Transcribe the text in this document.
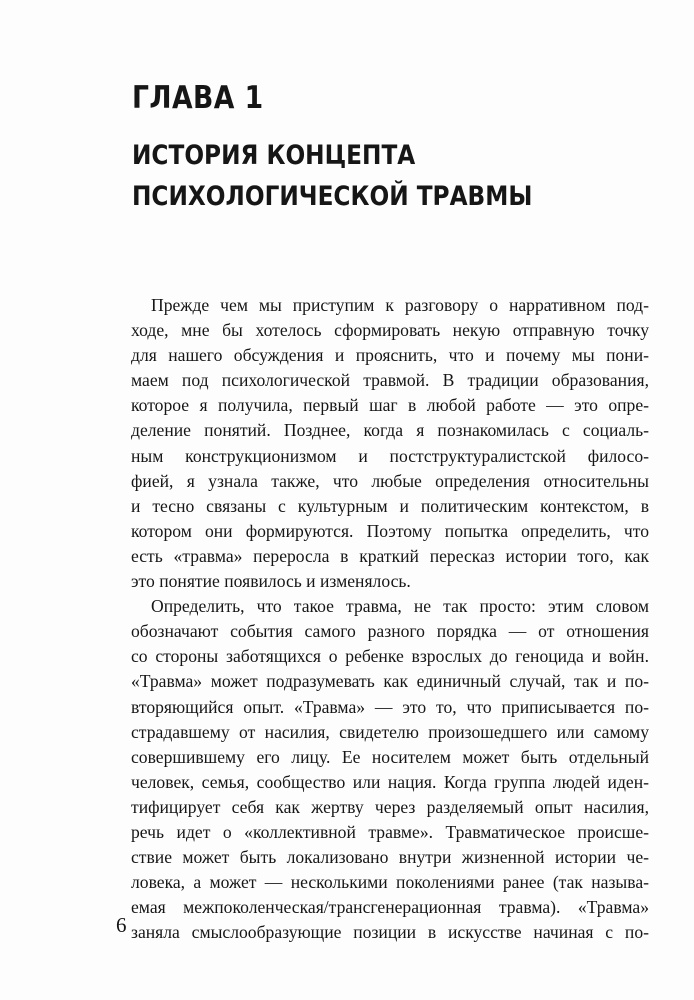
ГЛАВА 1
ИСТОРИЯ КОНЦЕПТА
ПСИХОЛОГИЧЕСКОЙ ТРАВМЫ
Прежде чем мы приступим к разговору о нарративном под-
ходе, мне бы хотелось сформировать некую отправную точку
для нашего обсуждения и прояснить, что и почему мы пони-
маем под психологической травмой. В традиции образования,
которое я получила, первый шаг в любой работе — это опре-
деление понятий. Позднее, когда я познакомилась с социаль-
ным конструкционизмом и постструктуралистской филосо-
фией, я узнала также, что любые определения относительны
и тесно связаны с культурным и политическим контекстом, в
котором они формируются. Поэтому попытка определить, что
есть «травма» переросла в краткий пересказ истории того, как
это понятие появилось и изменялось.
Определить, что такое травма, не так просто: этим словом
обозначают события самого разного порядка — от отношения
со стороны заботящихся о ребенке взрослых до геноцида и войн.
«Травма» может подразумевать как единичный случай, так и по-
вторяющийся опыт. «Травма» — это то, что приписывается по-
страдавшему от насилия, свидетелю произошедшего или самому
совершившему его лицу. Ее носителем может быть отдельный
человек, семья, сообщество или нация. Когда группа людей иден-
тифицирует себя как жертву через разделяемый опыт насилия,
речь идет о «коллективной травме». Травматическое происше-
ствие может быть локализовано внутри жизненной истории че-
ловека, а может — несколькими поколениями ранее (так называ-
емая межпоколенческая/трансгенерационная травма). «Травма»
заняла смыслообразующие позиции в искусстве начиная с по-
6
